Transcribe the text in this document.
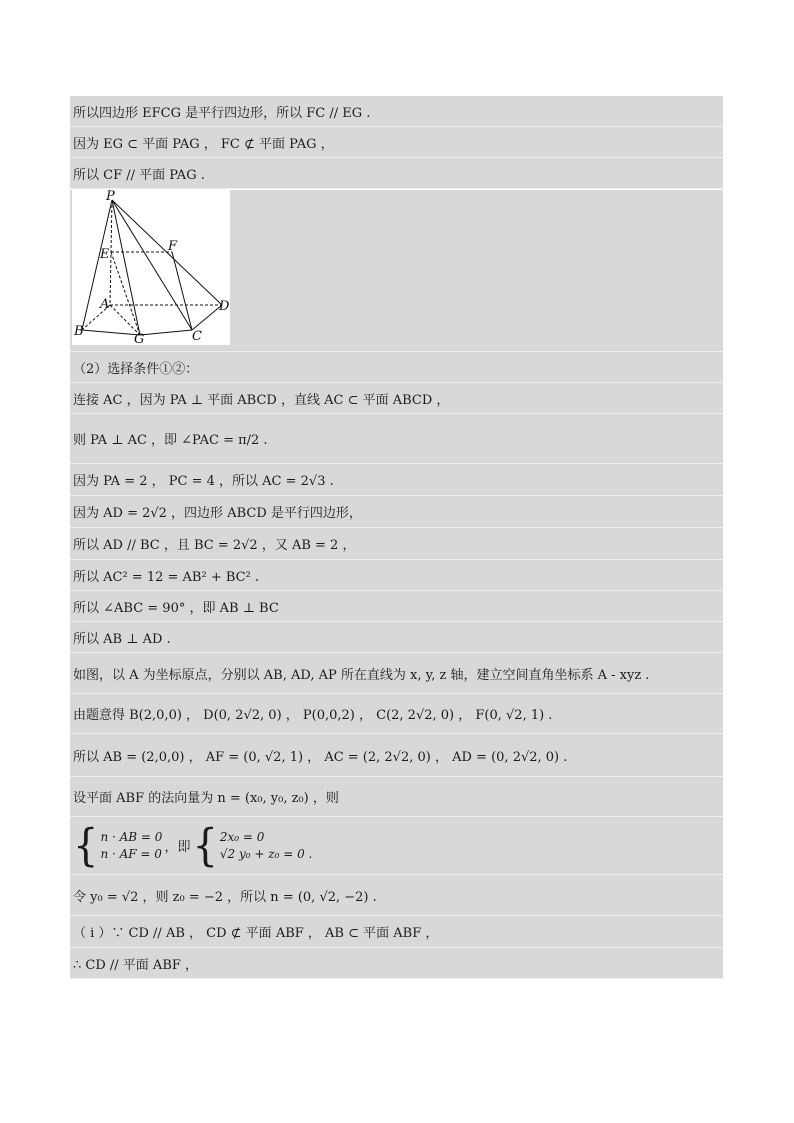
所以四边形 EFCG 是平行四边形，所以 FC // EG .
因为 EG ⊂ 平面 PAG ， FC ⊄ 平面 PAG ，
所以 CF // 平面 PAG .
P
E
F
A	D
B
G	C
（2）选择条件①②：
连接 AC ，因为 PA ⊥ 平面 ABCD ，直线 AC ⊂ 平面 ABCD ，
则 PA ⊥ AC ，即 ∠PAC = π/2 .
因为 PA = 2 ， PC = 4 ，所以 AC = 2√3 .
因为 AD = 2√2 ，四边形 ABCD 是平行四边形，
所以 AD // BC ，且 BC = 2√2 ，又 AB = 2 ，
所以 AC² = 12 = AB² + BC² .
所以 ∠ABC = 90° ，即 AB ⊥ BC
所以 AB ⊥ AD .
如图，以 A 为坐标原点，分别以 AB, AD, AP 所在直线为 x, y, z 轴，建立空间直角坐标系 A - xyz .
由题意得 B(2,0,0) ， D(0, 2√2, 0) ， P(0,0,2) ， C(2, 2√2, 0) ， F(0, √2, 1) .
所以 AB = (2,0,0) ， AF = (0, √2, 1) ， AC = (2, 2√2, 0) ， AD = (0, 2√2, 0) .
设平面 ABF 的法向量为 n = (x₀, y₀, z₀) ，则
{ n · AB = 0
n · AF = 0 ，即 { 2x₀ = 0
√2 y₀ + z₀ = 0 .
令 y₀ = √2 ，则 z₀ = −2 ，所以 n = (0, √2, −2) .
（ i ）∵ CD // AB ， CD ⊄ 平面 ABF ， AB ⊂ 平面 ABF ，
∴ CD // 平面 ABF ，
